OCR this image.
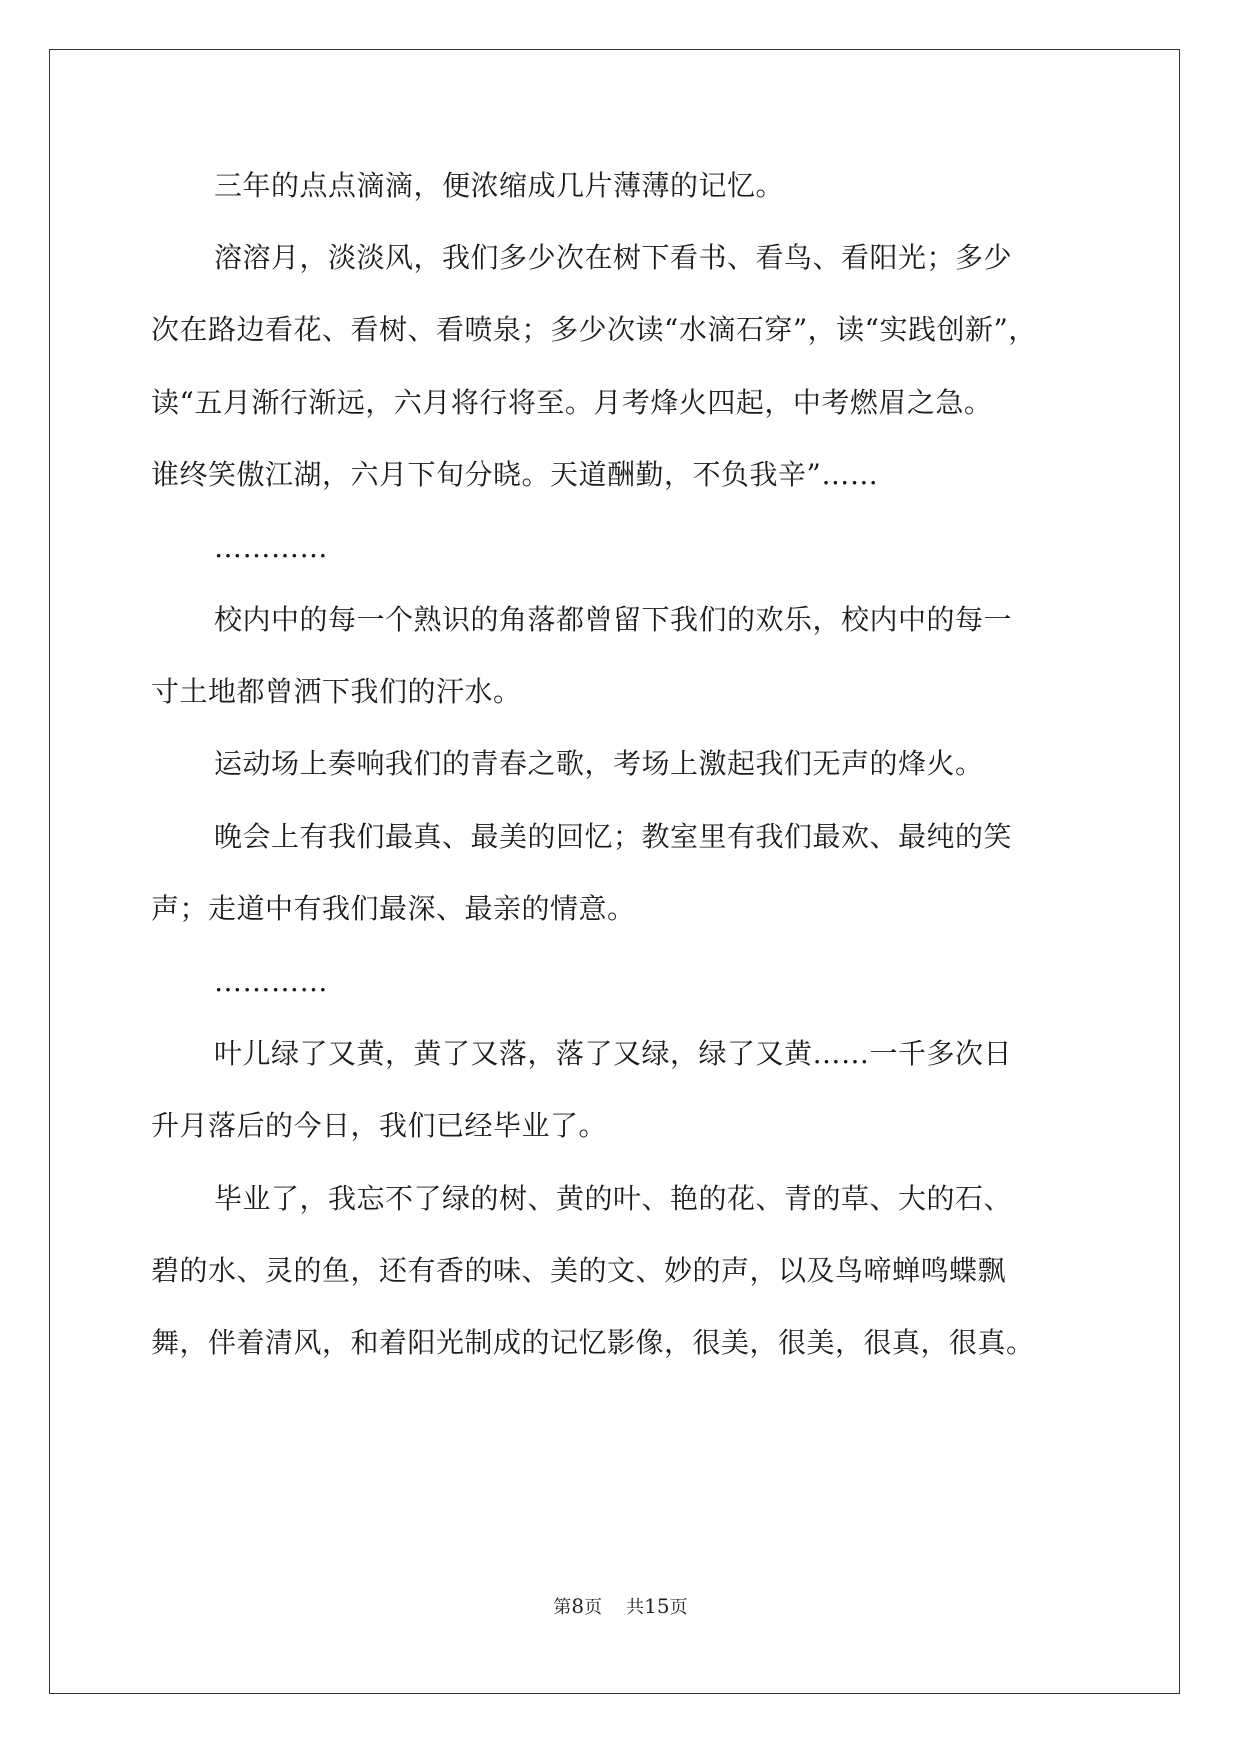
三年的点点滴滴，便浓缩成几片薄薄的记忆。
溶溶月，淡淡风，我们多少次在树下看书、看鸟、看阳光；多少
次在路边看花、看树、看喷泉；多少次读“水滴石穿”，读“实践创新”，
读“五月渐行渐远，六月将行将至。月考烽火四起，中考燃眉之急。
谁终笑傲江湖，六月下旬分晓。天道酬勤，不负我辛”……
…………
校内中的每一个熟识的角落都曾留下我们的欢乐，校内中的每一
寸土地都曾洒下我们的汗水。
运动场上奏响我们的青春之歌，考场上激起我们无声的烽火。
晚会上有我们最真、最美的回忆；教室里有我们最欢、最纯的笑
声；走道中有我们最深、最亲的情意。
…………
叶儿绿了又黄，黄了又落，落了又绿，绿了又黄……一千多次日
升月落后的今日，我们已经毕业了。
毕业了，我忘不了绿的树、黄的叶、艳的花、青的草、大的石、
碧的水、灵的鱼，还有香的味、美的文、妙的声，以及鸟啼蝉鸣蝶飘
舞，伴着清风，和着阳光制成的记忆影像，很美，很美，很真，很真。
第8页 共15页
